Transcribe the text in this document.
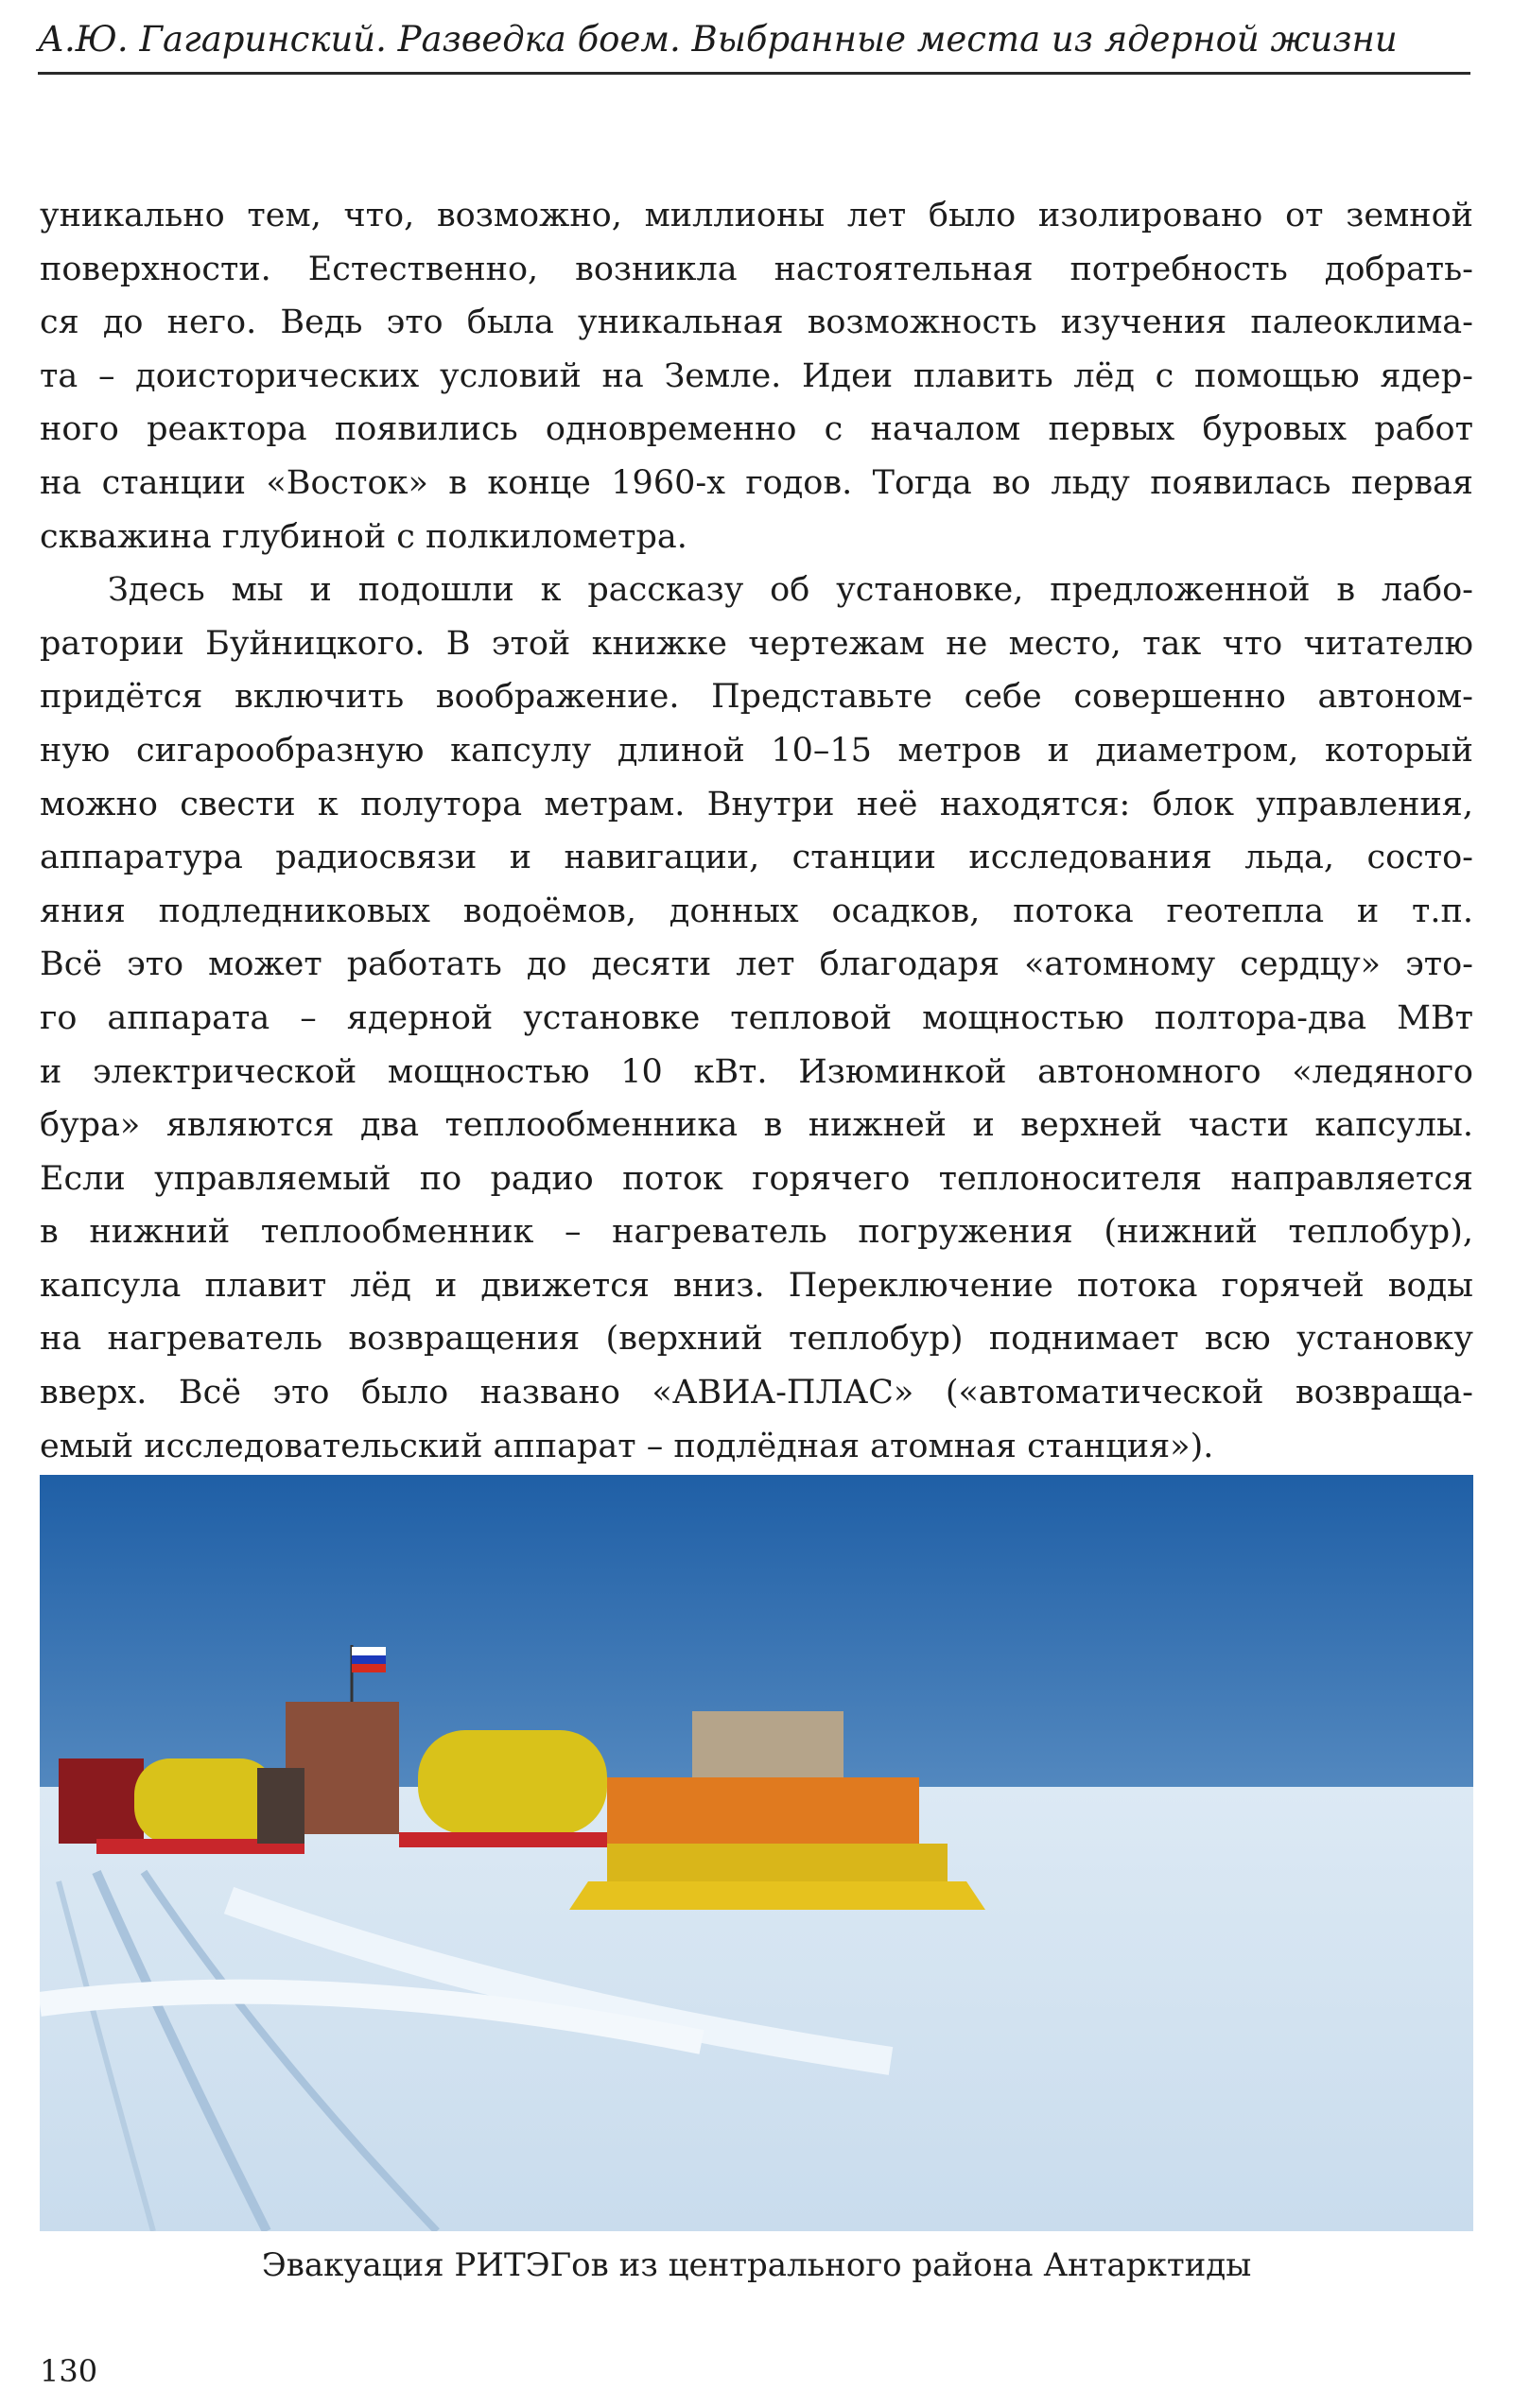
А.Ю. Гагаринский. Разведка боем. Выбранные места из ядерной жизни

уникально тем, что, возможно, миллионы лет было изолировано от земной
поверхности. Естественно, возникла настоятельная потребность добрать-
ся до него. Ведь это была уникальная возможность изучения палеоклима-
та – доисторических условий на Земле. Идеи плавить лёд с помощью ядер-
ного реактора появились одновременно с началом первых буровых работ
на станции «Восток» в конце 1960-х годов. Тогда во льду появилась первая
скважина глубиной с полкилометра.

Здесь мы и подошли к рассказу об установке, предложенной в лабо-
ратории Буйницкого. В этой книжке чертежам не место, так что читателю
придётся включить воображение. Представьте себе совершенно автоном-
ную сигарообразную капсулу длиной 10–15 метров и диаметром, который
можно свести к полутора метрам. Внутри неё находятся: блок управления,
аппаратура радиосвязи и навигации, станции исследования льда, состо-
яния подледниковых водоёмов, донных осадков, потока геотепла и т.п.
Всё это может работать до десяти лет благодаря «атомному сердцу» это-
го аппарата – ядерной установке тепловой мощностью полтора-два МВт
и электрической мощностью 10 кВт. Изюминкой автономного «ледяного
бура» являются два теплообменника в нижней и верхней части капсулы.
Если управляемый по радио поток горячего теплоносителя направляется
в нижний теплообменник – нагреватель погружения (нижний теплобур),
капсула плавит лёд и движется вниз. Переключение потока горячей воды
на нагреватель возвращения (верхний теплобур) поднимает всю установку
вверх. Всё это было названо «АВИА-ПЛАС» («автоматической возвраща-
емый исследовательский аппарат – подлёдная атомная станция»).

Эвакуация РИТЭГов из центрального района Антарктиды
130
